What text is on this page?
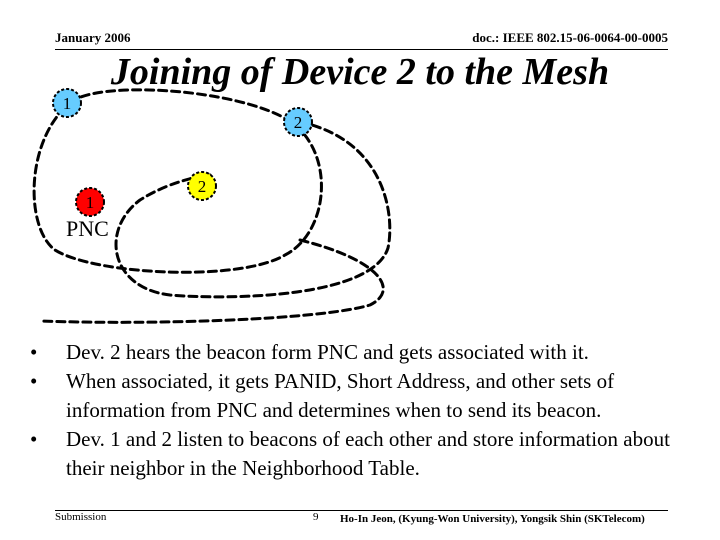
January 2006	doc.: IEEE 802.15-06-0064-00-0005
Joining of Device 2 to the Mesh
1
2
1
2
PNC
• Dev. 2 hears the beacon form PNC and gets associated with it.
• When associated, it gets PANID, Short Address, and other sets of information from PNC and determines when to send its beacon.
• Dev. 1 and 2 listen to beacons of each other and store information about their neighbor in the Neighborhood Table.
Submission	9 Ho-In Jeon, (Kyung-Won University), Yongsik Shin (SKTelecom)
